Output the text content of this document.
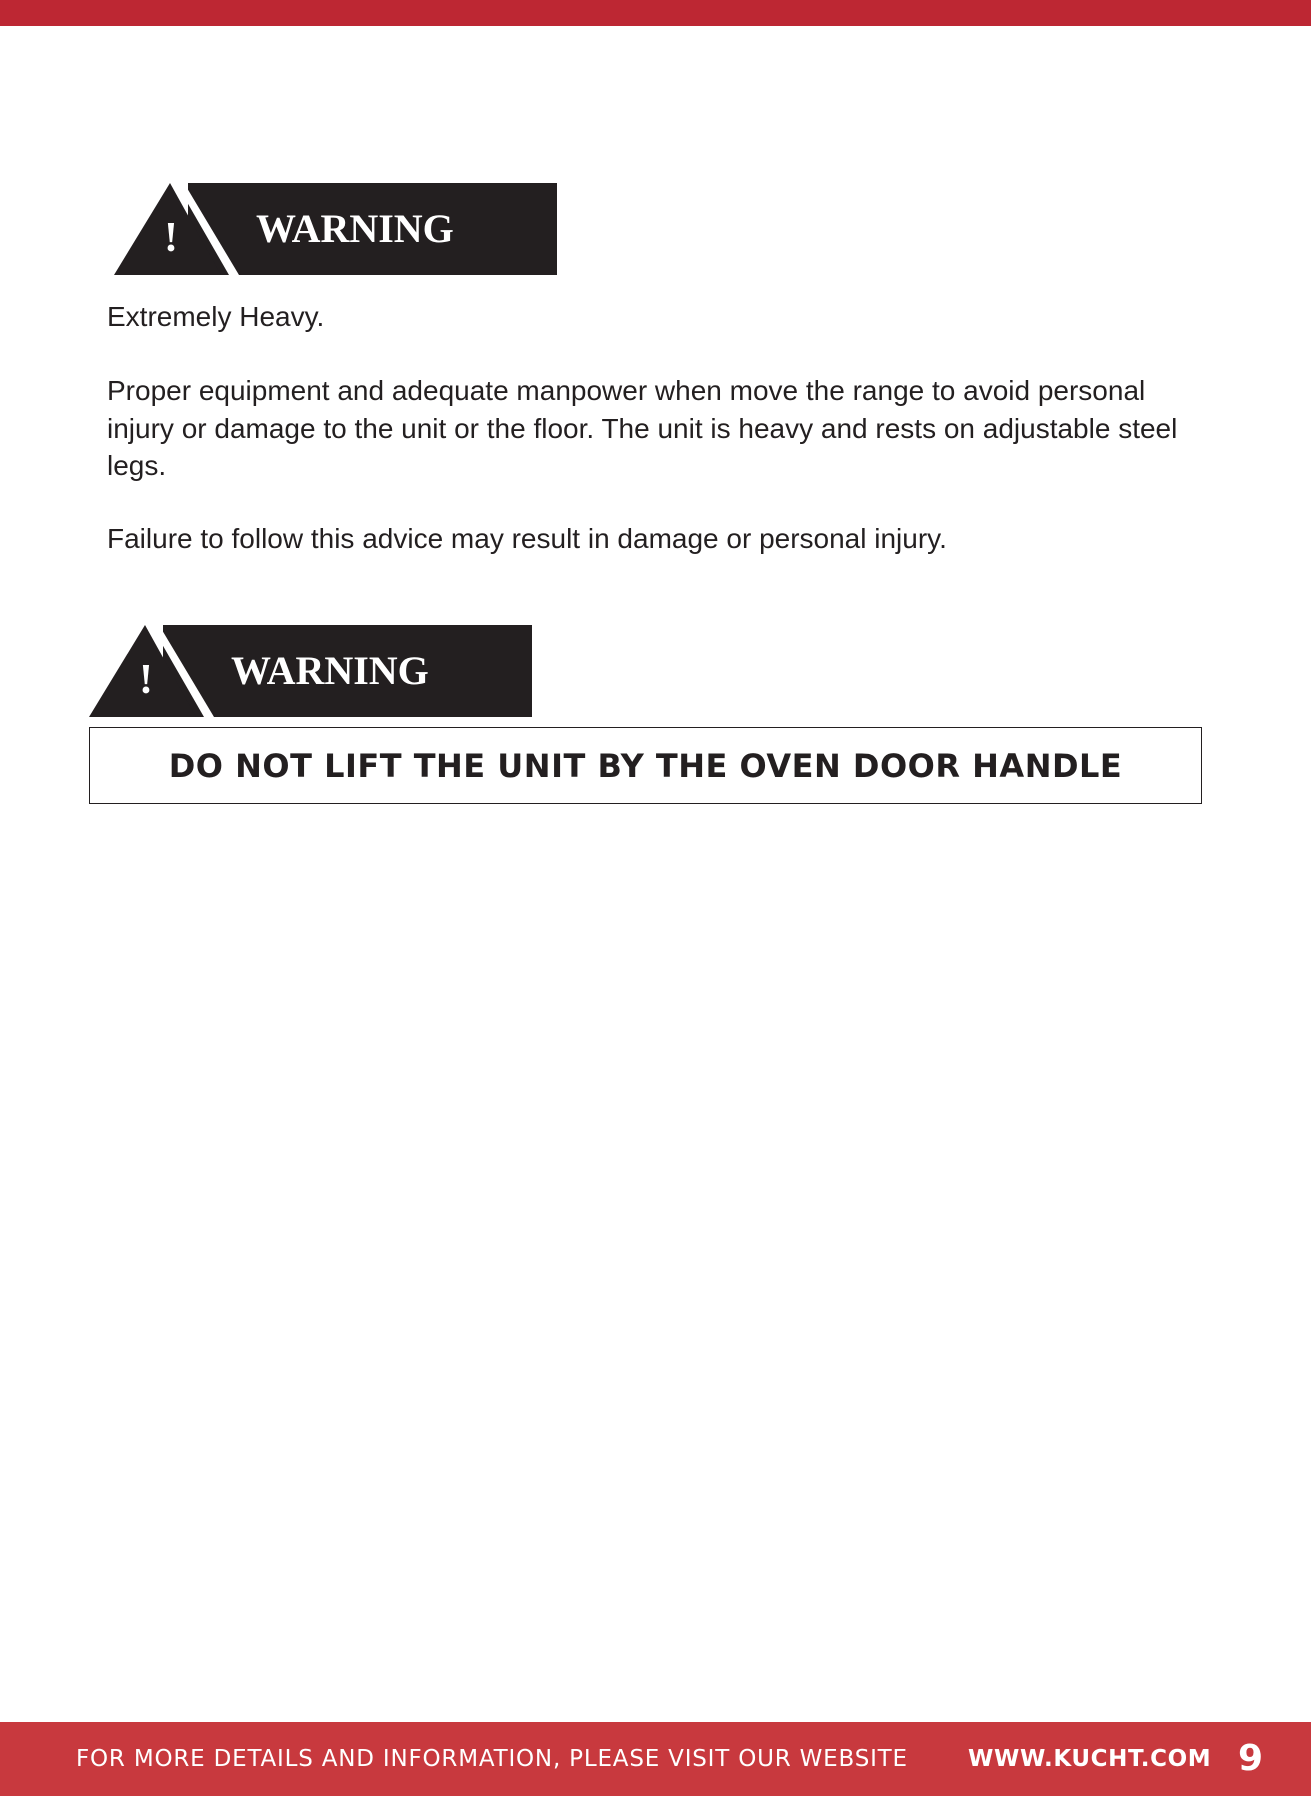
! WARNING
Extremely Heavy.
Proper equipment and adequate manpower when move the range to avoid personal injury or damage to the unit or the floor. The unit is heavy and rests on adjustable steel legs.
Failure to follow this advice may result in damage or personal injury.
! WARNING
DO NOT LIFT THE UNIT BY THE OVEN DOOR HANDLE
FOR MORE DETAILS AND INFORMATION, PLEASE VISIT OUR WEBSITE	WWW.KUCHT.COM 9
